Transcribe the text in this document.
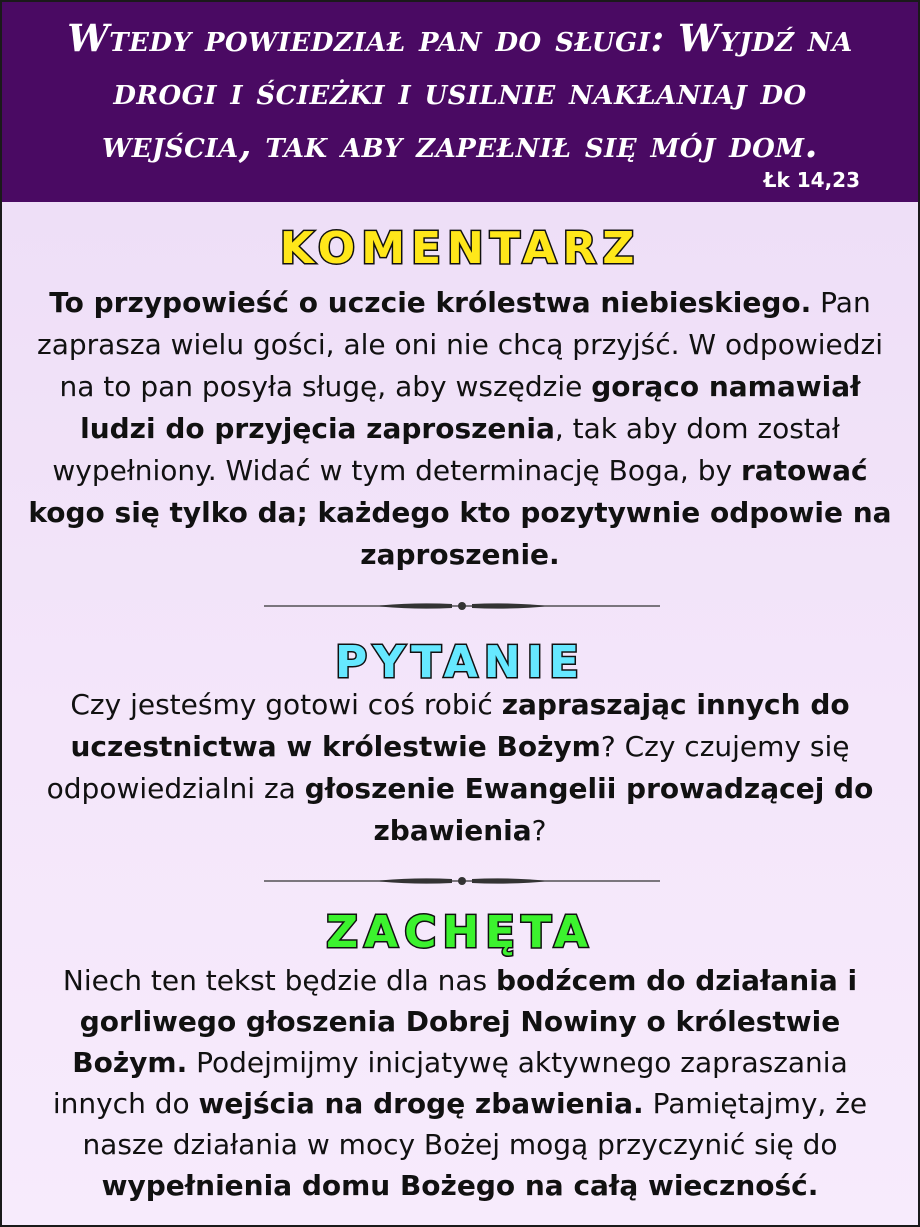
Wtedy powiedział pan do sługi: Wyjdź na
drogi i ścieżki i usilnie nakłaniaj do
wejścia, tak aby zapełnił się mój dom.
Łk 14,23
KOMENTARZ

To przypowieść o uczcie królestwa niebieskiego. Pan zaprasza wielu gości, ale oni nie chcą przyjść. W odpowiedzi na to pan posyła sługę, aby wszędzie gorąco namawiał ludzi do przyjęcia zaproszenia, tak aby dom został wypełniony. Widać w tym determinację Boga, by ratować kogo się tylko da; każdego kto pozytywnie odpowie na zaproszenie.

PYTANIE

Czy jesteśmy gotowi coś robić zapraszając innych do uczestnictwa w królestwie Bożym? Czy czujemy się odpowiedzialni za głoszenie Ewangelii prowadzącej do zbawienia?

ZACHĘTA

Niech ten tekst będzie dla nas bodźcem do działania i gorliwego głoszenia Dobrej Nowiny o królestwie Bożym. Podejmijmy inicjatywę aktywnego zapraszania innych do wejścia na drogę zbawienia. Pamiętajmy, że nasze działania w mocy Bożej mogą przyczynić się do wypełnienia domu Bożego na całą wieczność.
